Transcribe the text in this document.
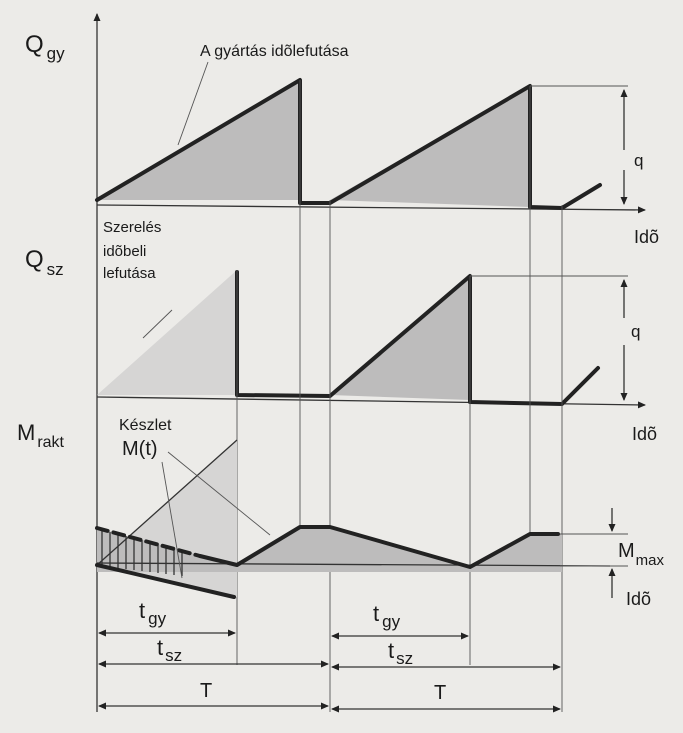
Q $_{gy}$	A gyártás idõlefutása
q
Idõ
Q $_{sz}$
Szerelés
idõbeli
lefutása
q
Idõ
M $_{rakt}$
Készlet
M(t)
$M_{max}$
Idõ
t $_{gy}$
t $_{sz}$
T
t $_{gy}$
t $_{sz}$
T
